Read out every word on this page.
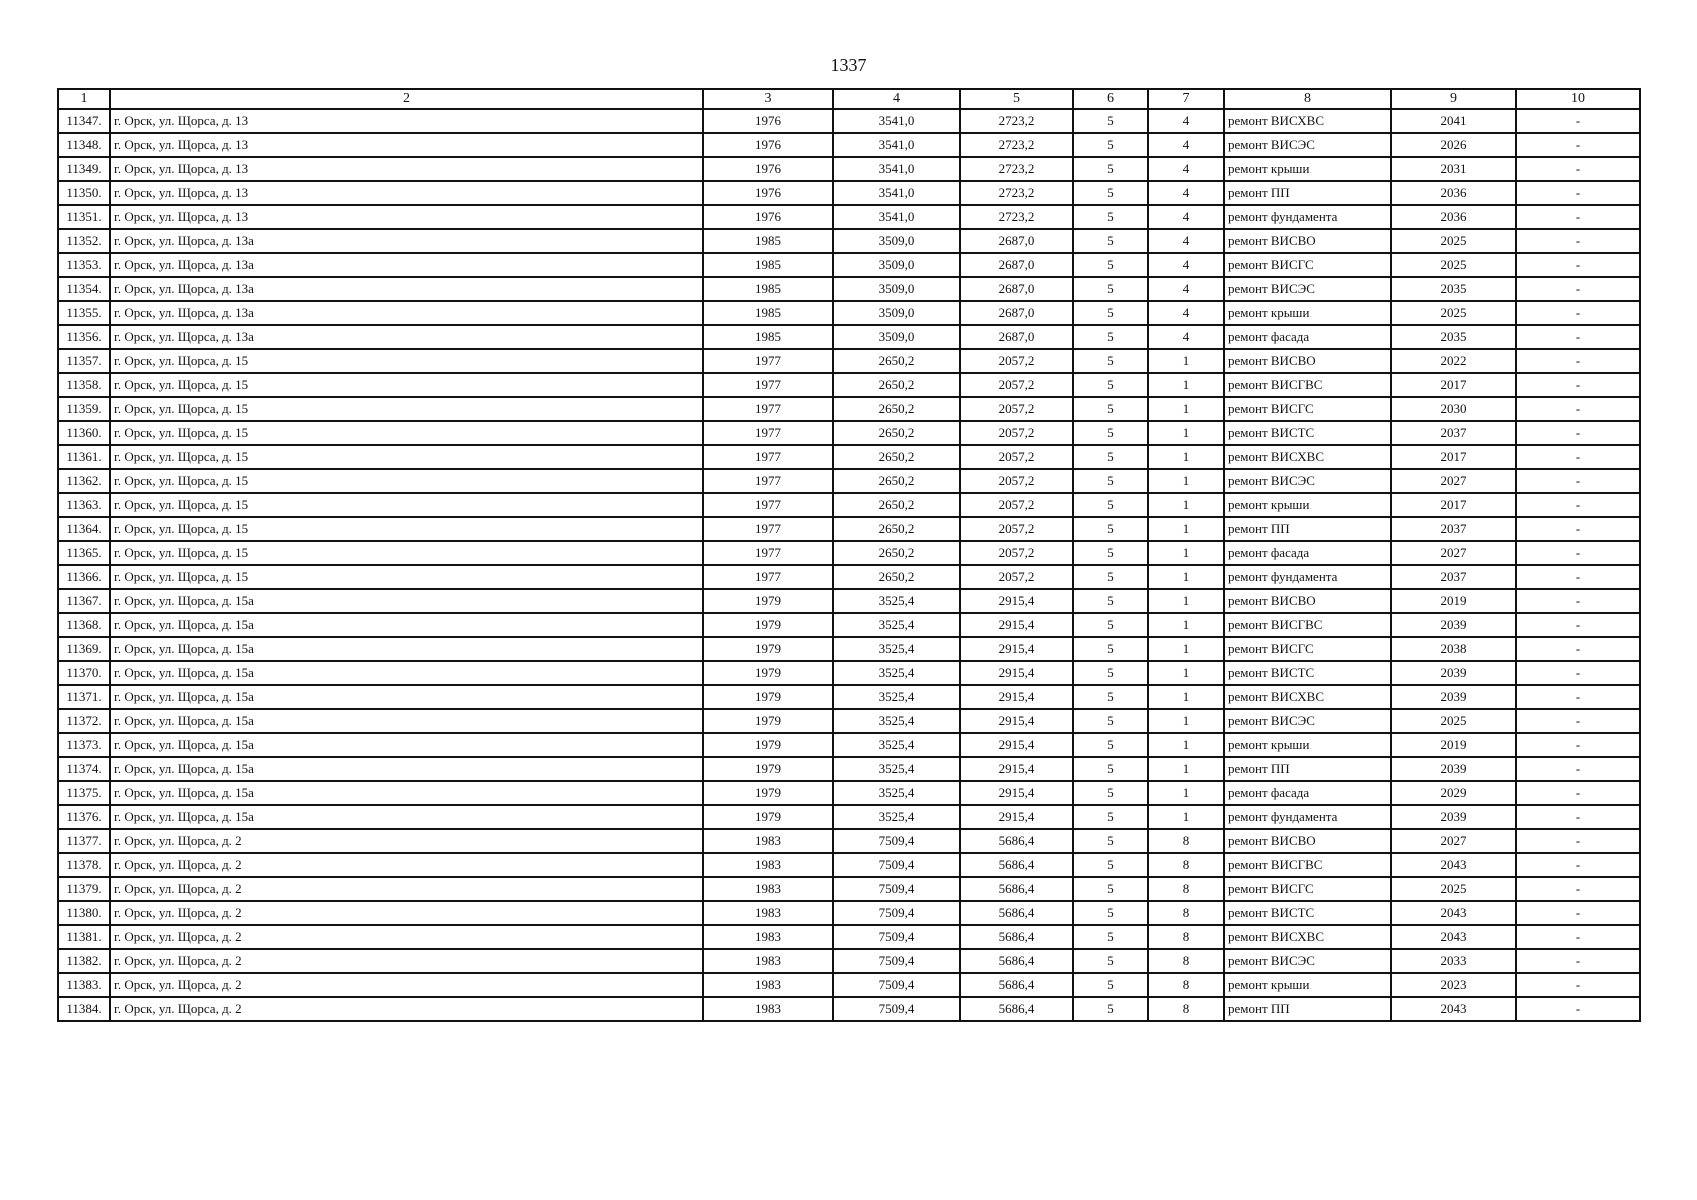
1337
1	2	3	4	5	6	7	8	9	10
11347.	г. Орск, ул. Щорса, д. 13	1976	3541,0	2723,2	5	4	ремонт ВИСХВС	2041	-
11348.	г. Орск, ул. Щорса, д. 13	1976	3541,0	2723,2	5	4	ремонт ВИСЭС	2026	-
11349.	г. Орск, ул. Щорса, д. 13	1976	3541,0	2723,2	5	4	ремонт крыши	2031	-
11350.	г. Орск, ул. Щорса, д. 13	1976	3541,0	2723,2	5	4	ремонт ПП	2036	-
11351.	г. Орск, ул. Щорса, д. 13	1976	3541,0	2723,2	5	4	ремонт фундамента	2036	-
11352.	г. Орск, ул. Щорса, д. 13а	1985	3509,0	2687,0	5	4	ремонт ВИСВО	2025	-
11353.	г. Орск, ул. Щорса, д. 13а	1985	3509,0	2687,0	5	4	ремонт ВИСГС	2025	-
11354.	г. Орск, ул. Щорса, д. 13а	1985	3509,0	2687,0	5	4	ремонт ВИСЭС	2035	-
11355.	г. Орск, ул. Щорса, д. 13а	1985	3509,0	2687,0	5	4	ремонт крыши	2025	-
11356.	г. Орск, ул. Щорса, д. 13а	1985	3509,0	2687,0	5	4	ремонт фасада	2035	-
11357.	г. Орск, ул. Щорса, д. 15	1977	2650,2	2057,2	5	1	ремонт ВИСВО	2022	-
11358.	г. Орск, ул. Щорса, д. 15	1977	2650,2	2057,2	5	1	ремонт ВИСГВС	2017	-
11359.	г. Орск, ул. Щорса, д. 15	1977	2650,2	2057,2	5	1	ремонт ВИСГС	2030	-
11360.	г. Орск, ул. Щорса, д. 15	1977	2650,2	2057,2	5	1	ремонт ВИСТС	2037	-
11361.	г. Орск, ул. Щорса, д. 15	1977	2650,2	2057,2	5	1	ремонт ВИСХВС	2017	-
11362.	г. Орск, ул. Щорса, д. 15	1977	2650,2	2057,2	5	1	ремонт ВИСЭС	2027	-
11363.	г. Орск, ул. Щорса, д. 15	1977	2650,2	2057,2	5	1	ремонт крыши	2017	-
11364.	г. Орск, ул. Щорса, д. 15	1977	2650,2	2057,2	5	1	ремонт ПП	2037	-
11365.	г. Орск, ул. Щорса, д. 15	1977	2650,2	2057,2	5	1	ремонт фасада	2027	-
11366.	г. Орск, ул. Щорса, д. 15	1977	2650,2	2057,2	5	1	ремонт фундамента	2037	-
11367.	г. Орск, ул. Щорса, д. 15а	1979	3525,4	2915,4	5	1	ремонт ВИСВО	2019	-
11368.	г. Орск, ул. Щорса, д. 15а	1979	3525,4	2915,4	5	1	ремонт ВИСГВС	2039	-
11369.	г. Орск, ул. Щорса, д. 15а	1979	3525,4	2915,4	5	1	ремонт ВИСГС	2038	-
11370.	г. Орск, ул. Щорса, д. 15а	1979	3525,4	2915,4	5	1	ремонт ВИСТС	2039	-
11371.	г. Орск, ул. Щорса, д. 15а	1979	3525,4	2915,4	5	1	ремонт ВИСХВС	2039	-
11372.	г. Орск, ул. Щорса, д. 15а	1979	3525,4	2915,4	5	1	ремонт ВИСЭС	2025	-
11373.	г. Орск, ул. Щорса, д. 15а	1979	3525,4	2915,4	5	1	ремонт крыши	2019	-
11374.	г. Орск, ул. Щорса, д. 15а	1979	3525,4	2915,4	5	1	ремонт ПП	2039	-
11375.	г. Орск, ул. Щорса, д. 15а	1979	3525,4	2915,4	5	1	ремонт фасада	2029	-
11376.	г. Орск, ул. Щорса, д. 15а	1979	3525,4	2915,4	5	1	ремонт фундамента	2039	-
11377.	г. Орск, ул. Щорса, д. 2	1983	7509,4	5686,4	5	8	ремонт ВИСВО	2027	-
11378.	г. Орск, ул. Щорса, д. 2	1983	7509,4	5686,4	5	8	ремонт ВИСГВС	2043	-
11379.	г. Орск, ул. Щорса, д. 2	1983	7509,4	5686,4	5	8	ремонт ВИСГС	2025	-
11380.	г. Орск, ул. Щорса, д. 2	1983	7509,4	5686,4	5	8	ремонт ВИСТС	2043	-
11381.	г. Орск, ул. Щорса, д. 2	1983	7509,4	5686,4	5	8	ремонт ВИСХВС	2043	-
11382.	г. Орск, ул. Щорса, д. 2	1983	7509,4	5686,4	5	8	ремонт ВИСЭС	2033	-
11383.	г. Орск, ул. Щорса, д. 2	1983	7509,4	5686,4	5	8	ремонт крыши	2023	-
11384.	г. Орск, ул. Щорса, д. 2	1983	7509,4	5686,4	5	8	ремонт ПП	2043	-
